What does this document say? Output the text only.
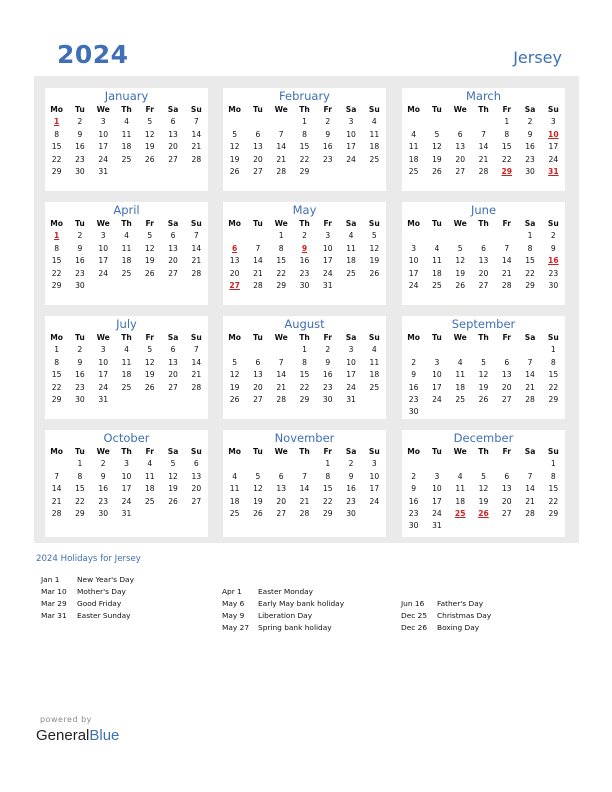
2024	Jersey
2024 Holidays for Jersey
Jan 1 New Year's Day
Mar 10 Mother's Day
Mar 29 Good Friday
Mar 31 Easter Sunday
Apr 1 Easter Monday
May 6 Early May bank holiday
May 9 Liberation Day
May 27 Spring bank holiday
Jun 16 Father's Day
Dec 25 Christmas Day
Dec 26 Boxing Day
powered by
GeneralBlue
January
Mo	Tu	We	Th	Fr	Sa	Su
1	2	3	4	5	6	7
8	9	10	11	12	13	14
15	16	17	18	19	20	21
22	23	24	25	26	27	28
29	30	31				
February
Mo	Tu	We	Th	Fr	Sa	Su
			1	2	3	4
5	6	7	8	9	10	11
12	13	14	15	16	17	18
19	20	21	22	23	24	25
26	27	28	29			
March
Mo	Tu	We	Th	Fr	Sa	Su
				1	2	3
4	5	6	7	8	9	10
11	12	13	14	15	16	17
18	19	20	21	22	23	24
25	26	27	28	29	30	31
April
Mo	Tu	We	Th	Fr	Sa	Su
1	2	3	4	5	6	7
8	9	10	11	12	13	14
15	16	17	18	19	20	21
22	23	24	25	26	27	28
29	30					
May
Mo	Tu	We	Th	Fr	Sa	Su
		1	2	3	4	5
6	7	8	9	10	11	12
13	14	15	16	17	18	19
20	21	22	23	24	25	26
27	28	29	30	31		
June
Mo	Tu	We	Th	Fr	Sa	Su
					1	2
3	4	5	6	7	8	9
10	11	12	13	14	15	16
17	18	19	20	21	22	23
24	25	26	27	28	29	30
July
Mo	Tu	We	Th	Fr	Sa	Su
1	2	3	4	5	6	7
8	9	10	11	12	13	14
15	16	17	18	19	20	21
22	23	24	25	26	27	28
29	30	31				
August
Mo	Tu	We	Th	Fr	Sa	Su
			1	2	3	4
5	6	7	8	9	10	11
12	13	14	15	16	17	18
19	20	21	22	23	24	25
26	27	28	29	30	31	
September
Mo	Tu	We	Th	Fr	Sa	Su
						1
2	3	4	5	6	7	8
9	10	11	12	13	14	15
16	17	18	19	20	21	22
23	24	25	26	27	28	29
30						
October
Mo	Tu	We	Th	Fr	Sa	Su
	1	2	3	4	5	6
7	8	9	10	11	12	13
14	15	16	17	18	19	20
21	22	23	24	25	26	27
28	29	30	31			
November
Mo	Tu	We	Th	Fr	Sa	Su
				1	2	3
4	5	6	7	8	9	10
11	12	13	14	15	16	17
18	19	20	21	22	23	24
25	26	27	28	29	30	
December
Mo	Tu	We	Th	Fr	Sa	Su
						1
2	3	4	5	6	7	8
9	10	11	12	13	14	15
16	17	18	19	20	21	22
23	24	25	26	27	28	29
30	31					
